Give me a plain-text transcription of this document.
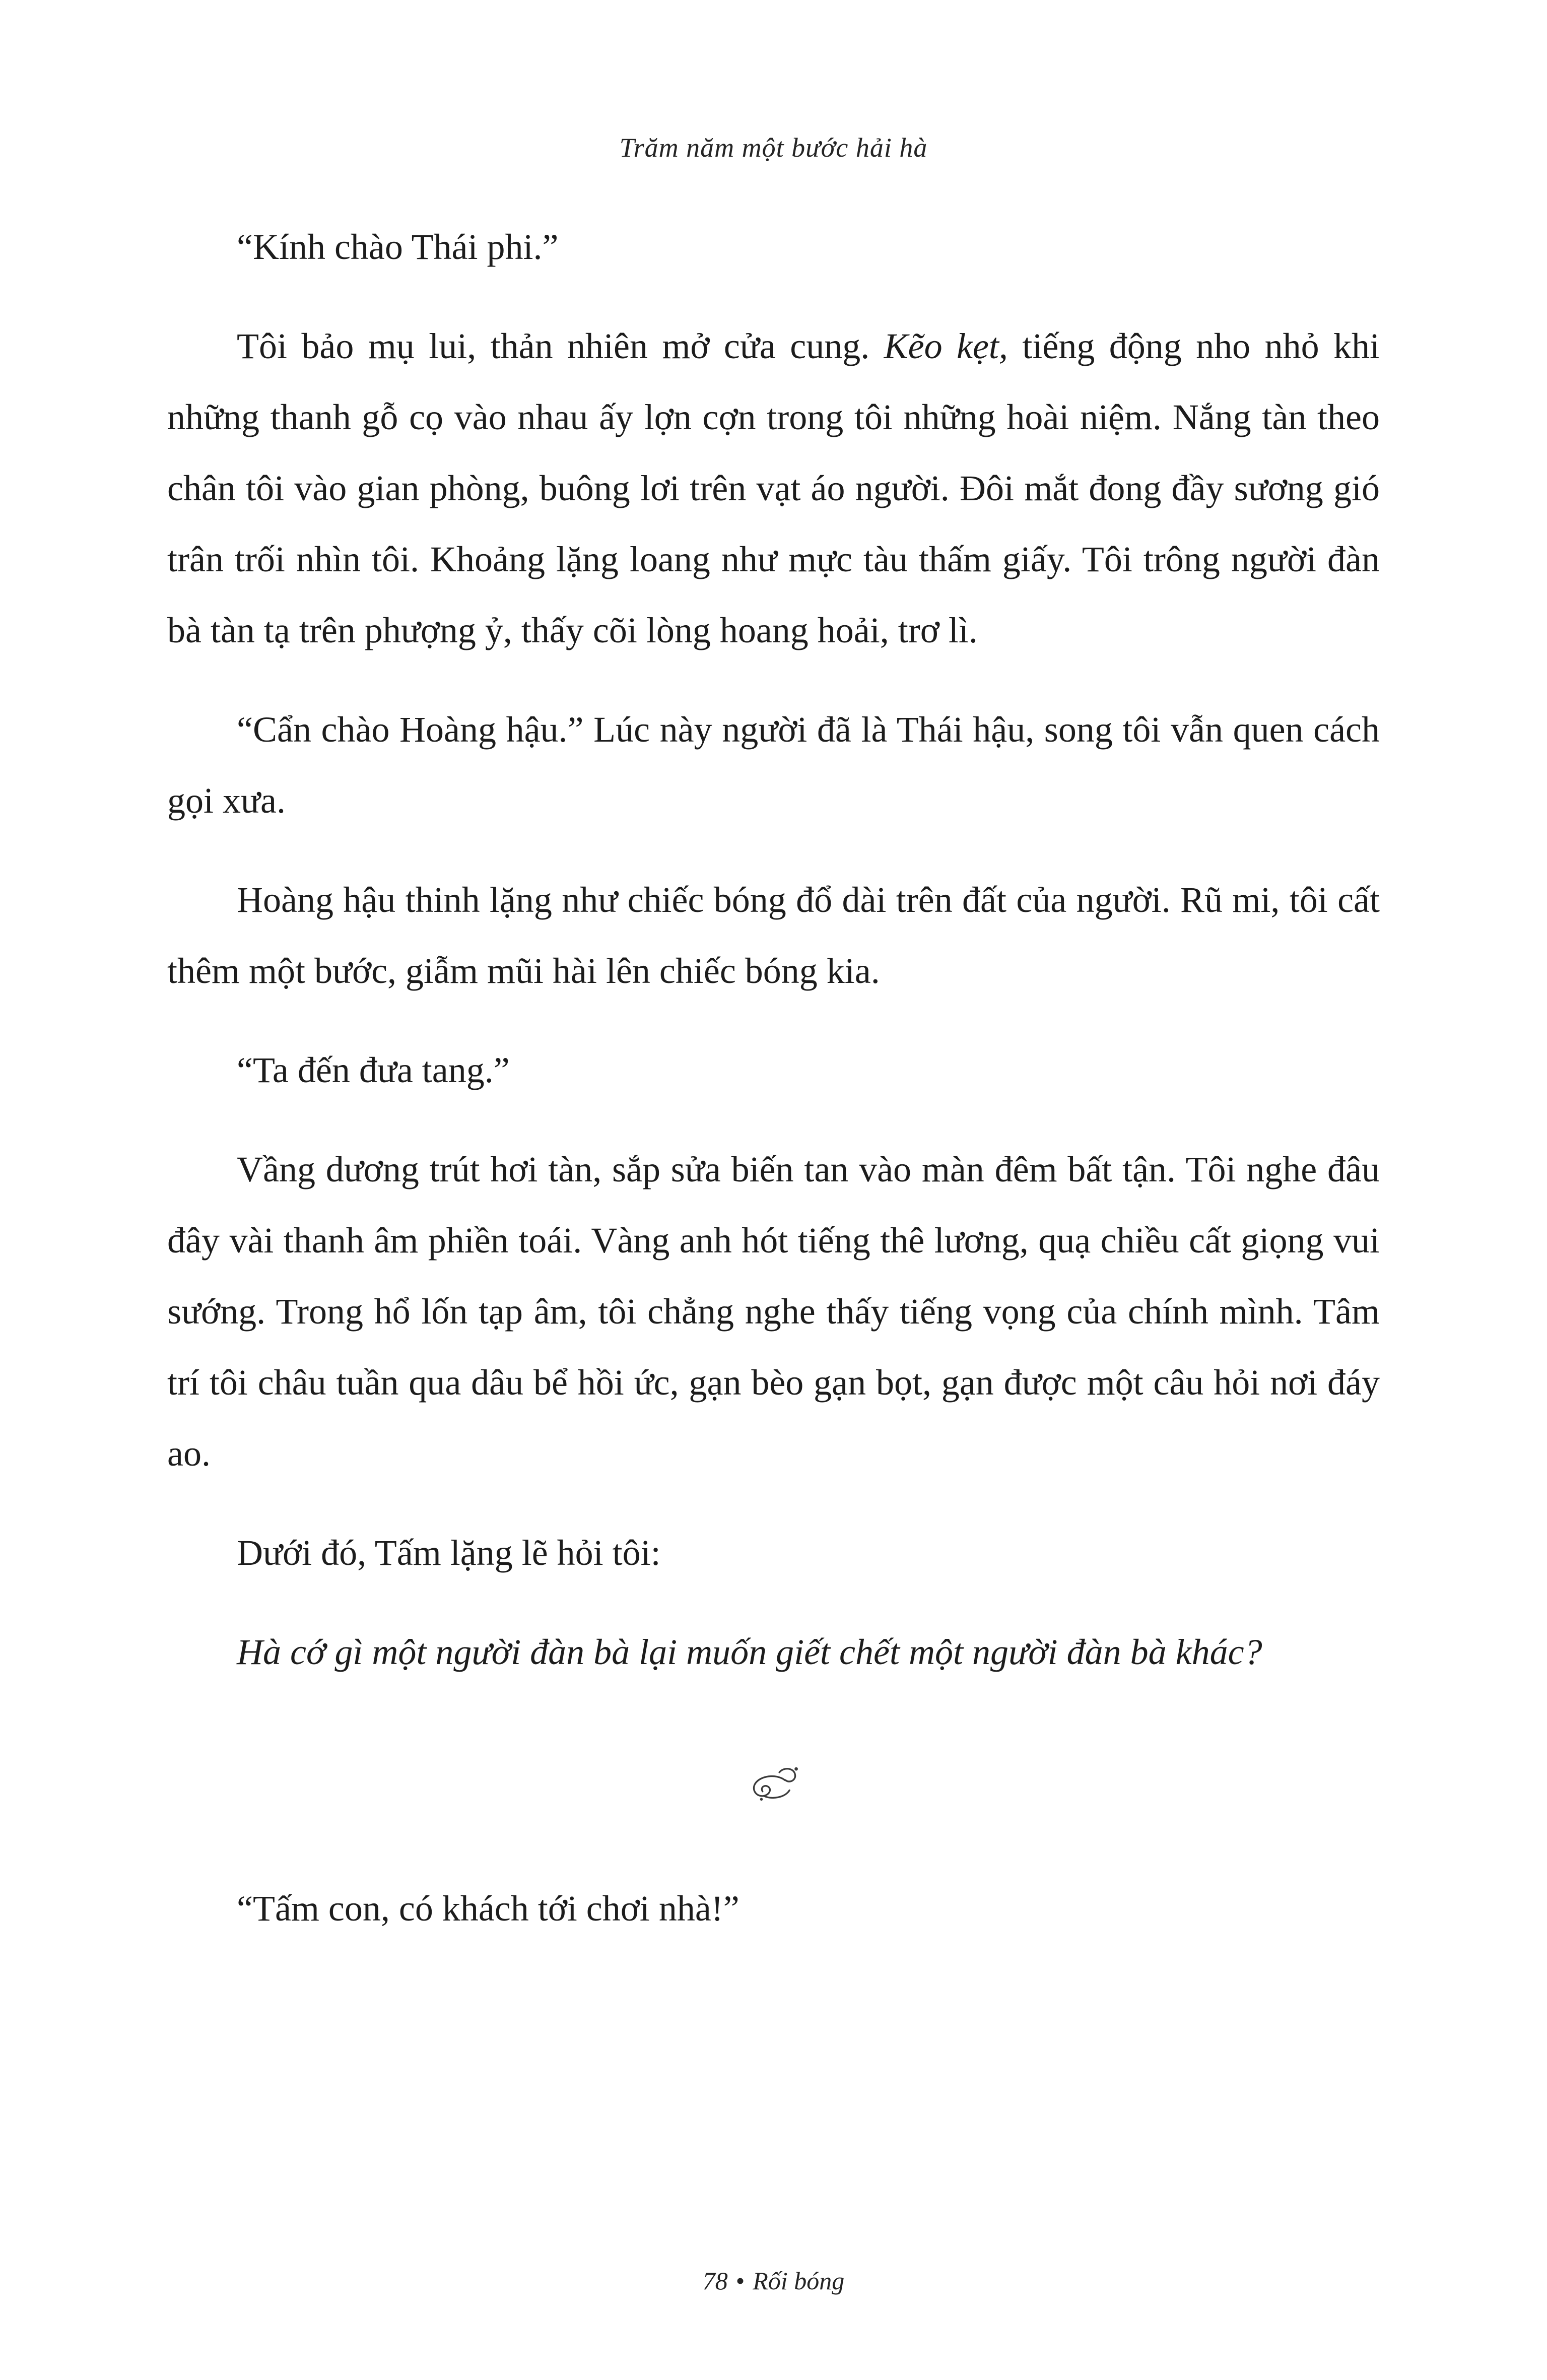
Trăm năm một bước hải hà

“Kính chào Thái phi.”

Tôi bảo mụ lui, thản nhiên mở cửa cung. Kẽo kẹt, tiếng động nho nhỏ khi những thanh gỗ cọ vào nhau ấy lợn cợn trong tôi những hoài niệm. Nắng tàn theo chân tôi vào gian phòng, buông lơi trên vạt áo người. Đôi mắt đong đầy sương gió trân trối nhìn tôi. Khoảng lặng loang như mực tàu thấm giấy. Tôi trông người đàn bà tàn tạ trên phượng ỷ, thấy cõi lòng hoang hoải, trơ lì.

“Cẩn chào Hoàng hậu.” Lúc này người đã là Thái hậu, song tôi vẫn quen cách gọi xưa.

Hoàng hậu thinh lặng như chiếc bóng đổ dài trên đất của người. Rũ mi, tôi cất thêm một bước, giẫm mũi hài lên chiếc bóng kia.

“Ta đến đưa tang.”

Vầng dương trút hơi tàn, sắp sửa biến tan vào màn đêm bất tận. Tôi nghe đâu đây vài thanh âm phiền toái. Vàng anh hót tiếng thê lương, quạ chiều cất giọng vui sướng. Trong hổ lốn tạp âm, tôi chẳng nghe thấy tiếng vọng của chính mình. Tâm trí tôi châu tuần qua dâu bể hồi ức, gạn bèo gạn bọt, gạn được một câu hỏi nơi đáy ao.

Dưới đó, Tấm lặng lẽ hỏi tôi:

Hà cớ gì một người đàn bà lại muốn giết chết một người đàn bà khác?

“Tấm con, có khách tới chơi nhà!”

78 • Rối bóng
